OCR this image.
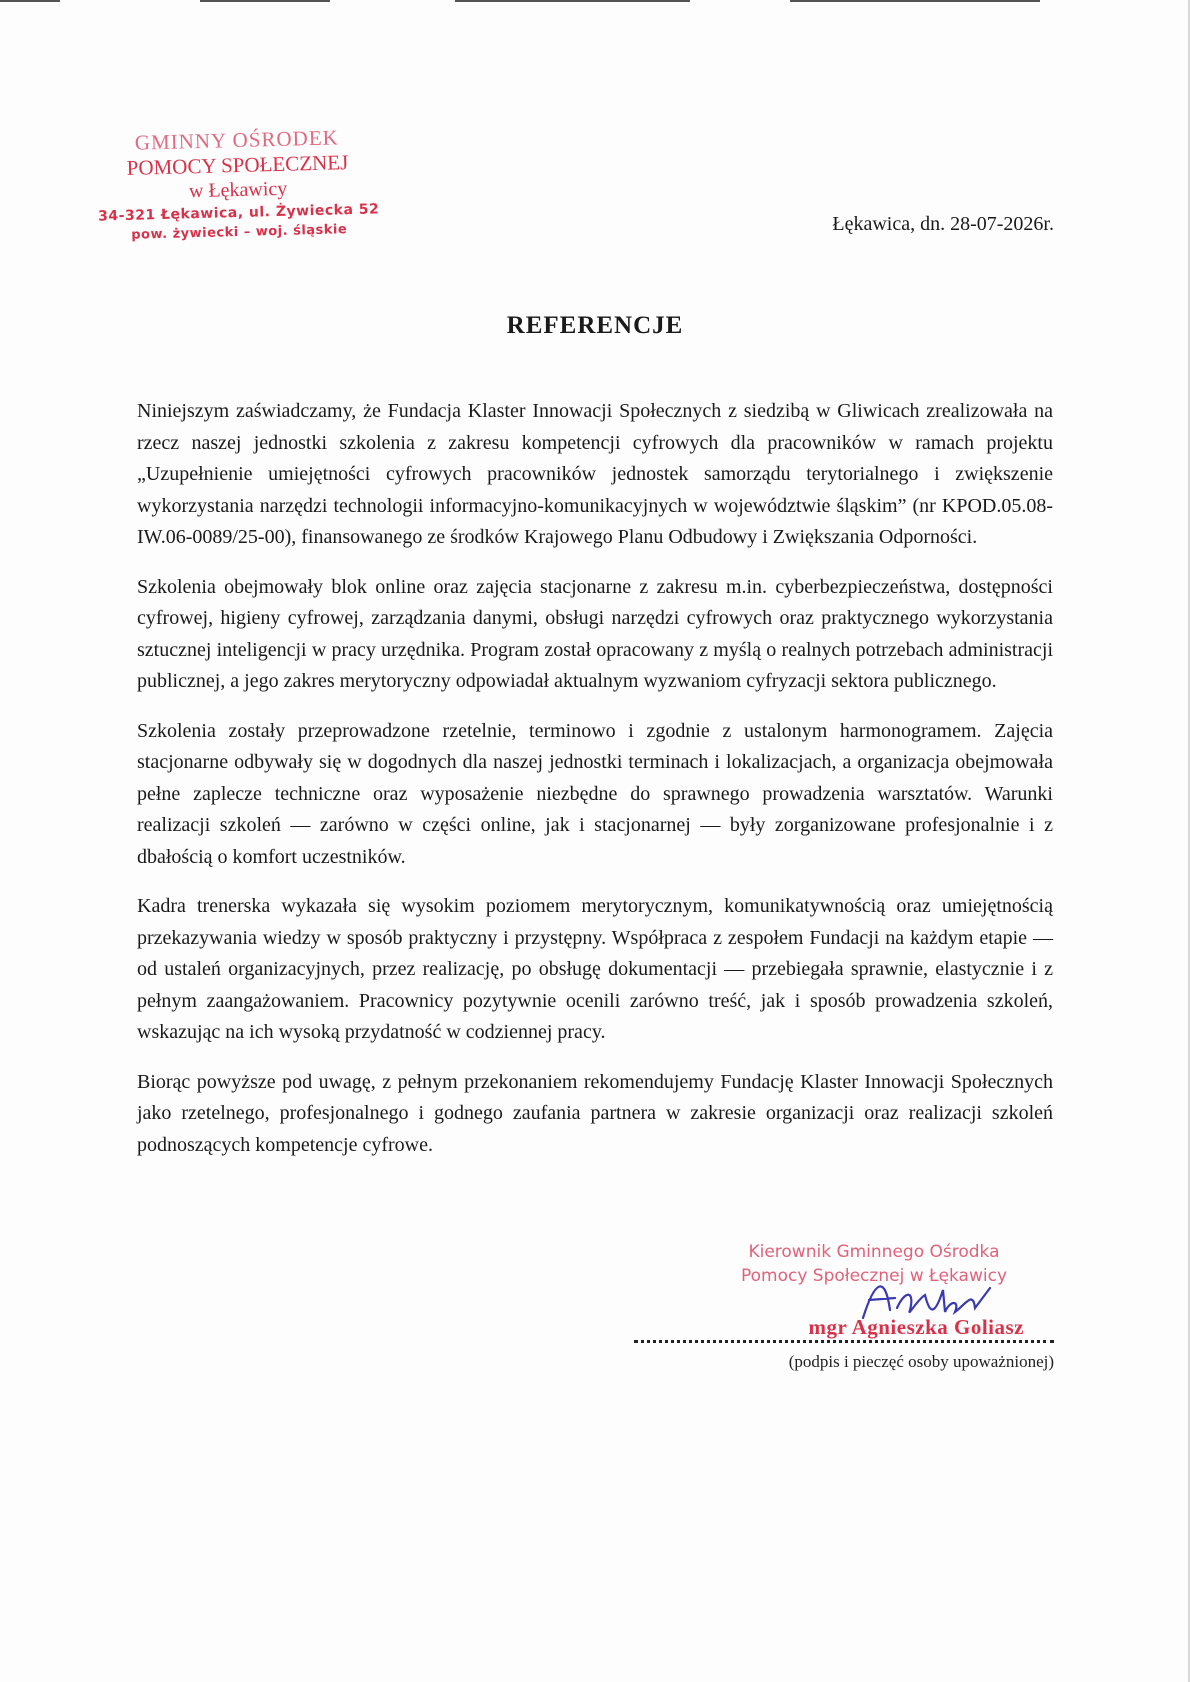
GMINNY OŚRODEK
POMOCY SPOŁECZNEJ
w Łękawicy
34-321 Łękawica, ul. Żywiecka 52
pow. żywiecki – woj. śląskie	Łękawica, dn. 28-07-2026r.
REFERENCJE

Niniejszym zaświadczamy, że Fundacja Klaster Innowacji Społecznych z siedzibą w Gliwicach zrealizowała na rzecz naszej jednostki szkolenia z zakresu kompetencji cyfrowych dla pracowników w ramach projektu „Uzupełnienie umiejętności cyfrowych pracowników jednostek samorządu terytorialnego i zwiększenie wykorzystania narzędzi technologii informacyjno-komunikacyjnych w województwie śląskim” (nr KPOD.05.08-IW.06-0089/25-00), finansowanego ze środków Krajowego Planu Odbudowy i Zwiększania Odporności.

Szkolenia obejmowały blok online oraz zajęcia stacjonarne z zakresu m.in. cyberbezpieczeństwa, dostępności cyfrowej, higieny cyfrowej, zarządzania danymi, obsługi narzędzi cyfrowych oraz praktycznego wykorzystania sztucznej inteligencji w pracy urzędnika. Program został opracowany z myślą o realnych potrzebach administracji publicznej, a jego zakres merytoryczny odpowiadał aktualnym wyzwaniom cyfryzacji sektora publicznego.

Szkolenia zostały przeprowadzone rzetelnie, terminowo i zgodnie z ustalonym harmonogramem. Zajęcia stacjonarne odbywały się w dogodnych dla naszej jednostki terminach i lokalizacjach, a organizacja obejmowała pełne zaplecze techniczne oraz wyposażenie niezbędne do sprawnego prowadzenia warsztatów. Warunki realizacji szkoleń — zarówno w części online, jak i stacjonarnej — były zorganizowane profesjonalnie i z dbałością o komfort uczestników.

Kadra trenerska wykazała się wysokim poziomem merytorycznym, komunikatywnością oraz umiejętnością przekazywania wiedzy w sposób praktyczny i przystępny. Współpraca z zespołem Fundacji na każdym etapie — od ustaleń organizacyjnych, przez realizację, po obsługę dokumentacji — przebiegała sprawnie, elastycznie i z pełnym zaangażowaniem. Pracownicy pozytywnie ocenili zarówno treść, jak i sposób prowadzenia szkoleń, wskazując na ich wysoką przydatność w codziennej pracy.

Biorąc powyższe pod uwagę, z pełnym przekonaniem rekomendujemy Fundację Klaster Innowacji Społecznych jako rzetelnego, profesjonalnego i godnego zaufania partnera w zakresie organizacji oraz realizacji szkoleń podnoszących kompetencje cyfrowe.

Kierownik Gminnego Ośrodka
Pomocy Społecznej w Łękawicy
mgr Agnieszka Goliasz
(podpis i pieczęć osoby upoważnionej)
